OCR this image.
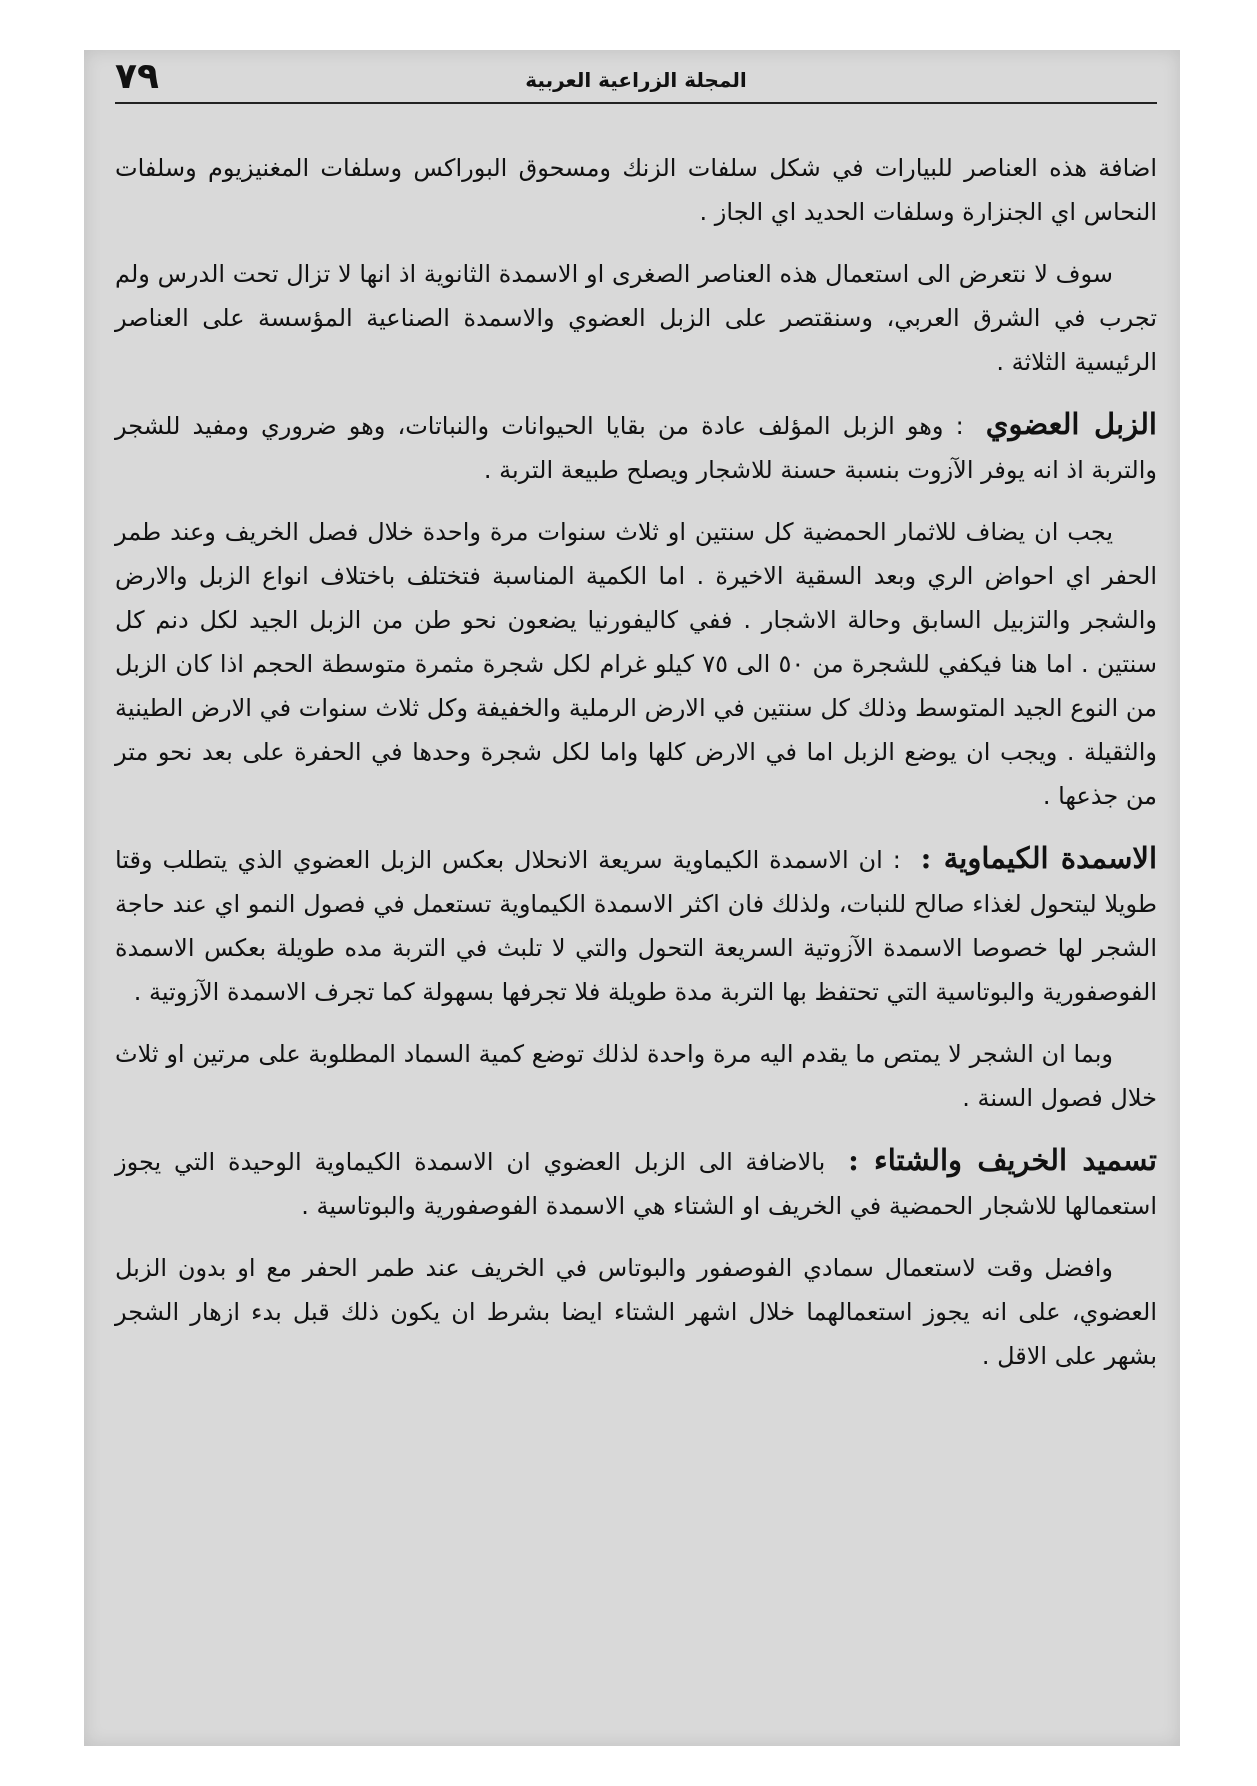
٧٩	المجلة الزراعية العربية

اضافة هذه العناصر للبيارات في شكل سلفات الزنك ومسحوق البوراكس وسلفات المغنيزيوم وسلفات النحاس اي الجنزارة وسلفات الحديد اي الجاز .

سوف لا نتعرض الى استعمال هذه العناصر الصغرى او الاسمدة الثانوية اذ انها لا تزال تحت الدرس ولم تجرب في الشرق العربي، وسنقتصر على الزبل العضوي والاسمدة الصناعية المؤسسة على العناصر الرئيسية الثلاثة .

الزبل العضوي : وهو الزبل المؤلف عادة من بقايا الحيوانات والنباتات، وهو ضروري ومفيد للشجر والتربة اذ انه يوفر الآزوت بنسبة حسنة للاشجار ويصلح طبيعة التربة .

يجب ان يضاف للاثمار الحمضية كل سنتين او ثلاث سنوات مرة واحدة خلال فصل الخريف وعند طمر الحفر اي احواض الري وبعد السقية الاخيرة . اما الكمية المناسبة فتختلف باختلاف انواع الزبل والارض والشجر والتزبيل السابق وحالة الاشجار . ففي كاليفورنيا يضعون نحو طن من الزبل الجيد لكل دنم كل سنتين . اما هنا فيكفي للشجرة من ٥٠ الى ٧٥ كيلو غرام لكل شجرة مثمرة متوسطة الحجم اذا كان الزبل من النوع الجيد المتوسط وذلك كل سنتين في الارض الرملية والخفيفة وكل ثلاث سنوات في الارض الطينية والثقيلة . ويجب ان يوضع الزبل اما في الارض كلها واما لكل شجرة وحدها في الحفرة على بعد نحو متر من جذعها .

الاسمدة الكيماوية : : ان الاسمدة الكيماوية سريعة الانحلال بعكس الزبل العضوي الذي يتطلب وقتا طويلا ليتحول لغذاء صالح للنبات، ولذلك فان اكثر الاسمدة الكيماوية تستعمل في فصول النمو اي عند حاجة الشجر لها خصوصا الاسمدة الآزوتية السريعة التحول والتي لا تلبث في التربة مده طويلة بعكس الاسمدة الفوصفورية والبوتاسية التي تحتفظ بها التربة مدة طويلة فلا تجرفها بسهولة كما تجرف الاسمدة الآزوتية .

وبما ان الشجر لا يمتص ما يقدم اليه مرة واحدة لذلك توضع كمية السماد المطلوبة على مرتين او ثلاث خلال فصول السنة .

تسميد الخريف والشتاء : بالاضافة الى الزبل العضوي ان الاسمدة الكيماوية الوحيدة التي يجوز استعمالها للاشجار الحمضية في الخريف او الشتاء هي الاسمدة الفوصفورية والبوتاسية .

وافضل وقت لاستعمال سمادي الفوصفور والبوتاس في الخريف عند طمر الحفر مع او بدون الزبل العضوي، على انه يجوز استعمالهما خلال اشهر الشتاء ايضا بشرط ان يكون ذلك قبل بدء ازهار الشجر بشهر على الاقل .
